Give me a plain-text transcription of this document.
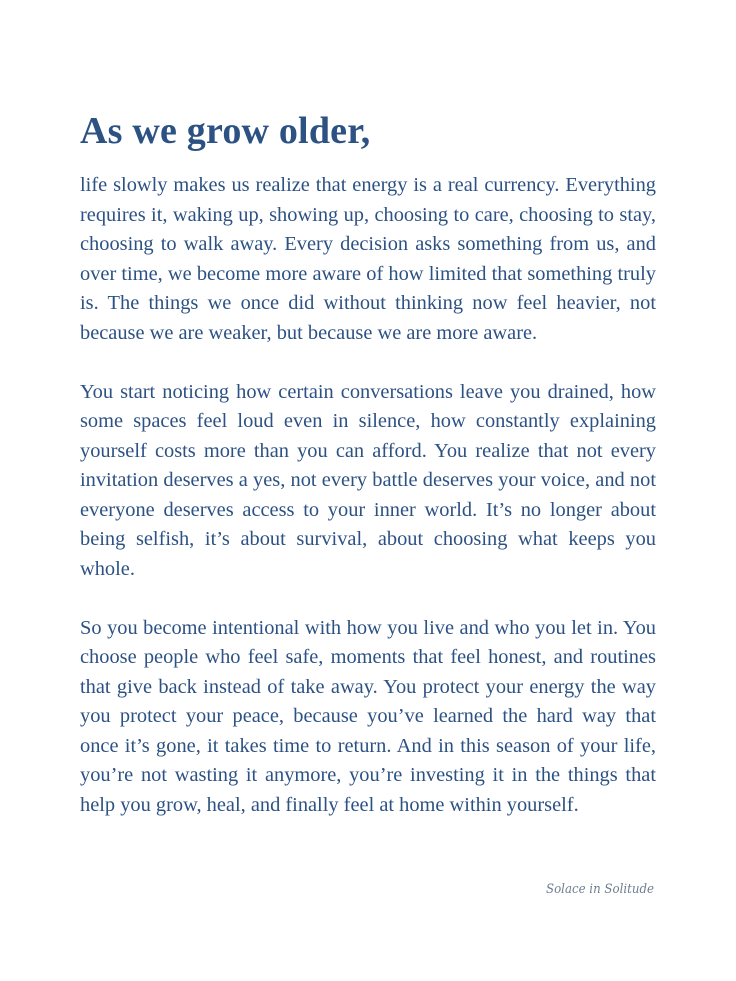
As we grow older,

life slowly makes us realize that energy is a real currency. Everything requires it, waking up, showing up, choosing to care, choosing to stay, choosing to walk away. Every decision asks something from us, and over time, we become more aware of how limited that something truly is. The things we once did without thinking now feel heavier, not because we are weaker, but because we are more aware.

You start noticing how certain conversations leave you drained, how some spaces feel loud even in silence, how constantly explaining yourself costs more than you can afford. You realize that not every invitation deserves a yes, not every battle deserves your voice, and not everyone deserves access to your inner world. It’s no longer about being selfish, it’s about survival, about choosing what keeps you whole.

So you become intentional with how you live and who you let in. You choose people who feel safe, moments that feel honest, and routines that give back instead of take away. You protect your energy the way you protect your peace, because you’ve learned the hard way that once it’s gone, it takes time to return. And in this season of your life, you’re not wasting it anymore, you’re investing it in the things that help you grow, heal, and finally feel at home within yourself.

Solace in Solitude
